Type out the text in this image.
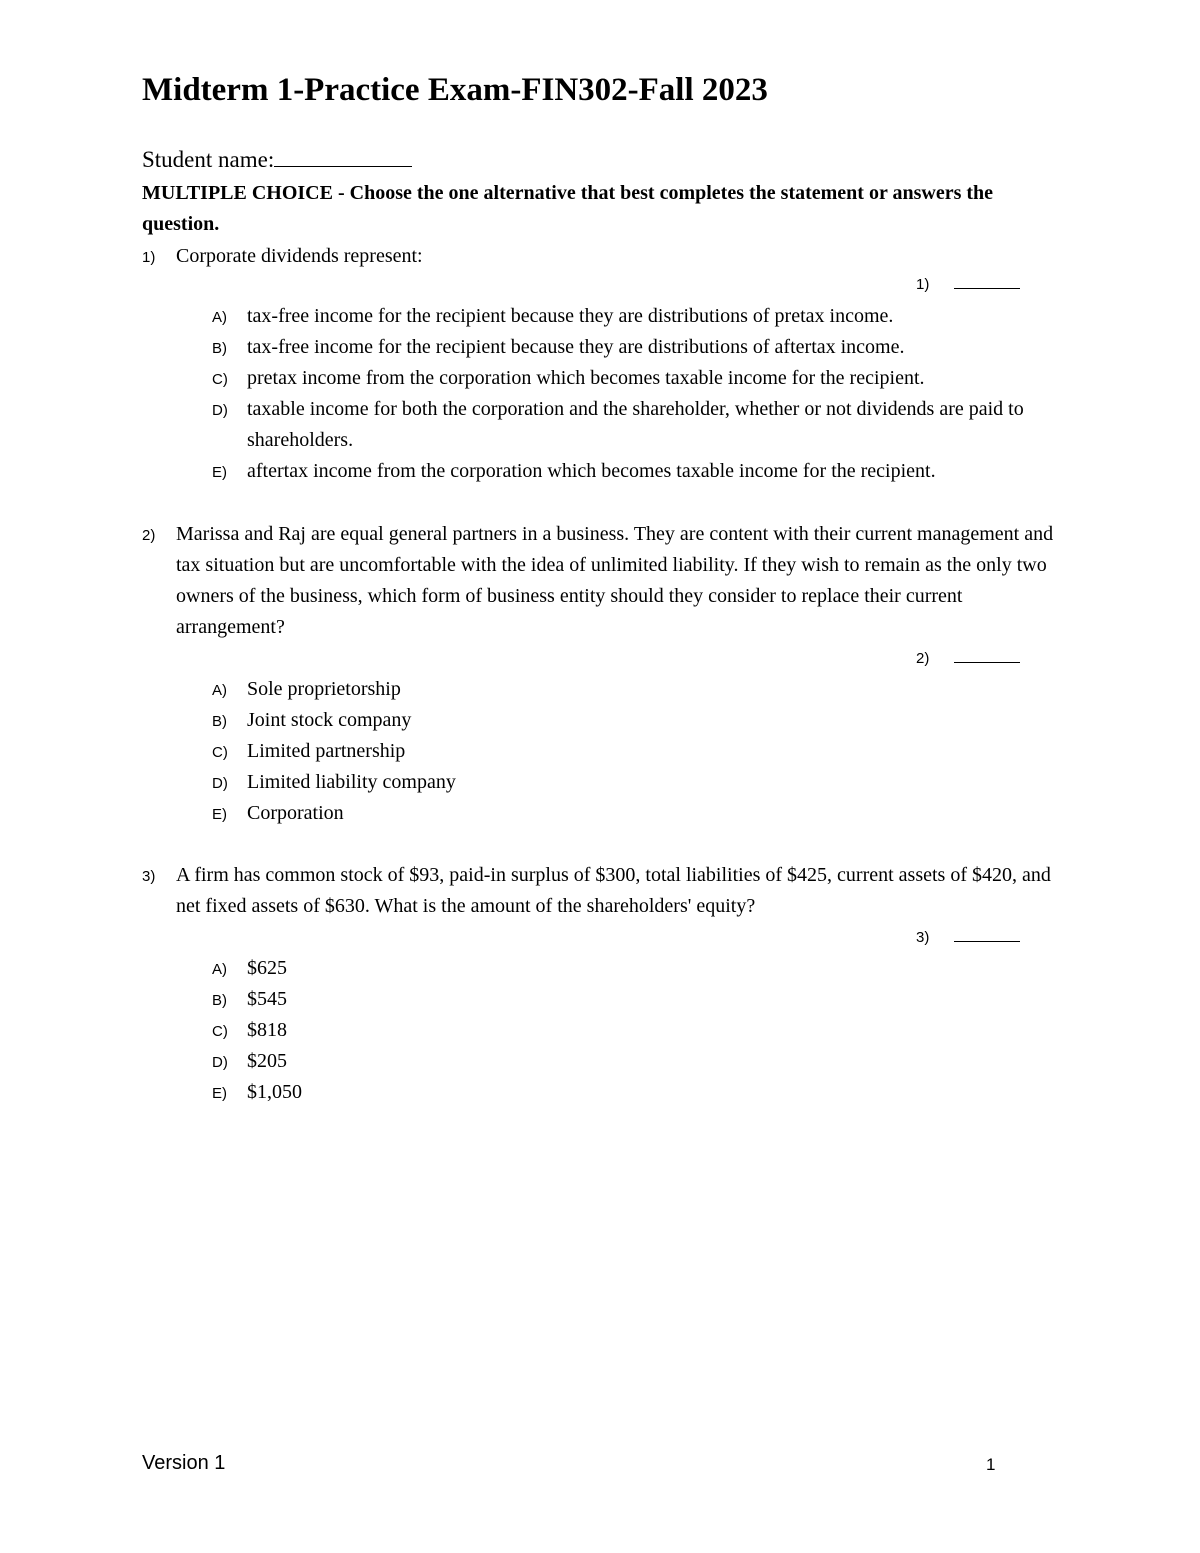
Midterm 1-Practice Exam-FIN302-Fall 2023
Student name:
MULTIPLE CHOICE - Choose the one alternative that best completes the statement or answers the question.
1) Corporate dividends represent:
1)
A) tax-free income for the recipient because they are distributions of pretax income.
B) tax-free income for the recipient because they are distributions of aftertax income.
C) pretax income from the corporation which becomes taxable income for the recipient.
D) taxable income for both the corporation and the shareholder, whether or not dividends are paid to shareholders.
E) aftertax income from the corporation which becomes taxable income for the recipient.
2) Marissa and Raj are equal general partners in a business. They are content with their current management and tax situation but are uncomfortable with the idea of unlimited liability. If they wish to remain as the only two owners of the business, which form of business entity should they consider to replace their current arrangement?
2)
A) Sole proprietorship
B) Joint stock company
C) Limited partnership
D) Limited liability company
E) Corporation
3) A firm has common stock of $93, paid-in surplus of $300, total liabilities of $425, current assets of $420, and net fixed assets of $630. What is the amount of the shareholders' equity?
3)
A) $625
B) $545
C) $818
D) $205
E) $1,050
Version 1	1
